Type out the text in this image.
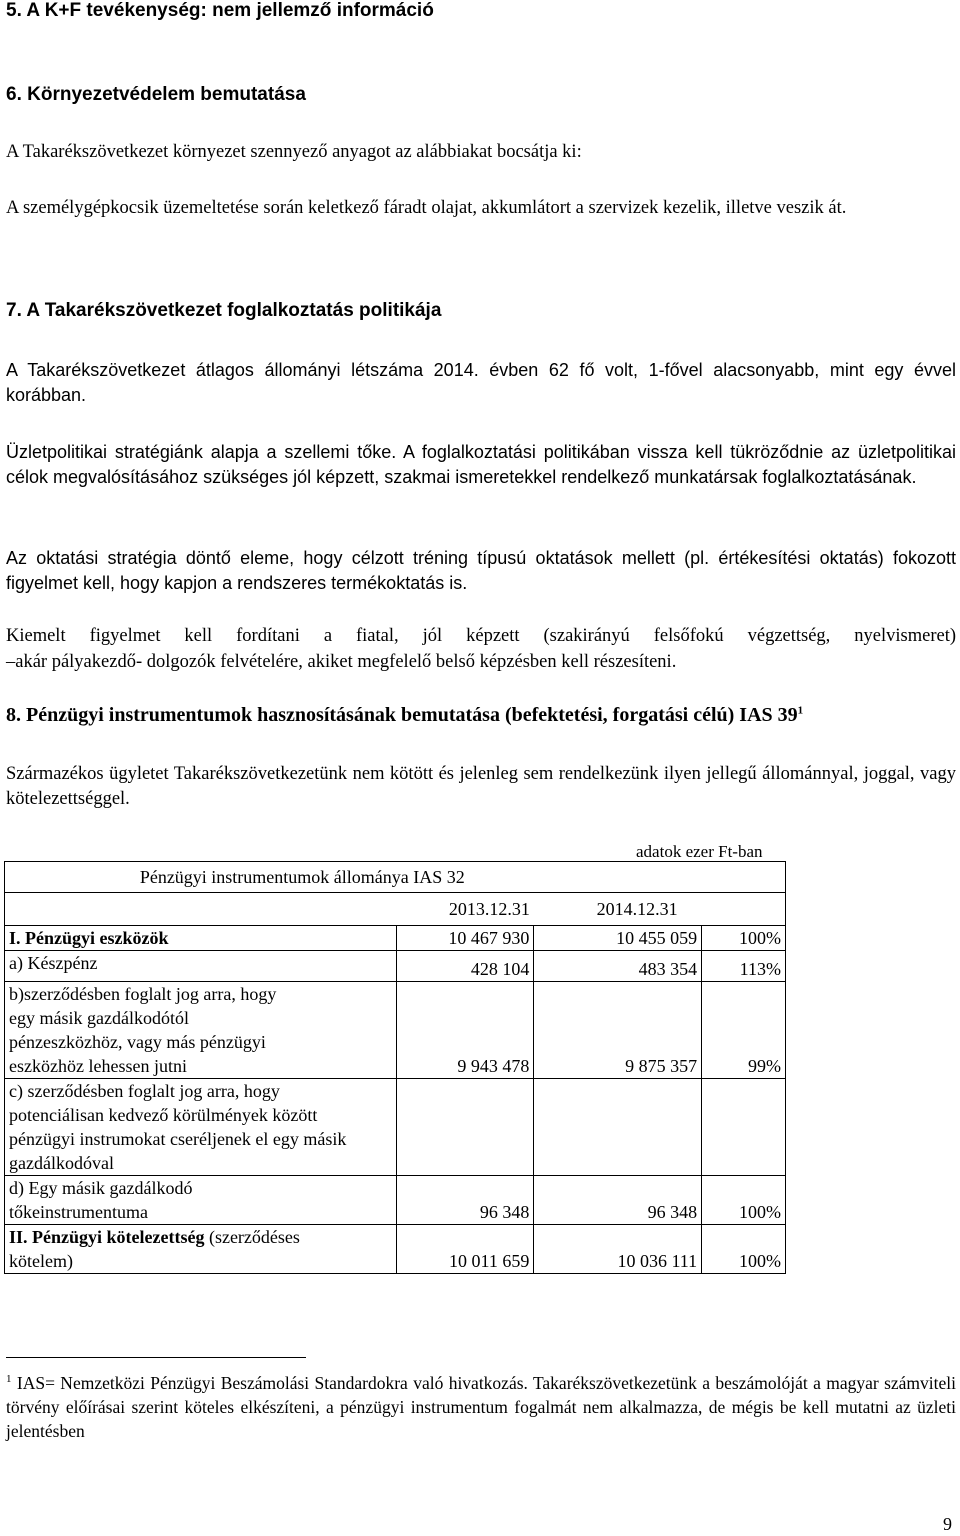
5. A K+F tevékenység: nem jellemző információ
6. Környezetvédelem bemutatása

A Takarékszövetkezet környezet szennyező anyagot az alábbiakat bocsátja ki:

A személygépkocsik üzemeltetése során keletkező fáradt olajat, akkumlátort a szervizek kezelik, illetve veszik át.

7. A Takarékszövetkezet foglalkoztatás politikája

A Takarékszövetkezet átlagos állományi létszáma 2014. évben 62 fő volt, 1-fővel alacsonyabb, mint egy évvel korábban.

Üzletpolitikai stratégiánk alapja a szellemi tőke. A foglalkoztatási politikában vissza kell tükröződnie az üzletpolitikai célok megvalósításához szükséges jól képzett, szakmai ismeretekkel rendelkező munkatársak foglalkoztatásának.

Az oktatási stratégia döntő eleme, hogy célzott tréning típusú oktatások mellett (pl. értékesítési oktatás) fokozott figyelmet kell, hogy kapjon a rendszeres termékoktatás is.

Kiemelt figyelmet kell fordítani a fiatal, jól képzett (szakirányú felsőfokú végzettség, nyelvismeret)

–akár pályakezdő- dolgozók felvételére, akiket megfelelő belső képzésben kell részesíteni.

8. Pénzügyi instrumentumok hasznosításának bemutatása (befektetési, forgatási célú) IAS $39^1$

Származékos ügyletet Takarékszövetkezetünk nem kötött és jelenleg sem rendelkezünk ilyen jellegű állománnyal, joggal, vagy kötelezettséggel.

adatok ezer Ft-ban
Pénzügyi instrumentumok állománya IAS 32			
	2013.12.31	2014.12.31	
I. Pénzügyi eszközök	10 467 930	10 455 059	100%
a) Készpénz	428 104	483 354	113%
b)szerződésben foglalt jog arra, hogy egy másik gazdálkodótól pénzeszközhöz, vagy más pénzügyi eszközhöz lehessen jutni	9 943 478	9 875 357	99%
c) szerződésben foglalt jog arra, hogy potenciálisan kedvező körülmények között pénzügyi instrumokat cseréljenek el egy másik gazdálkodóval			
d) Egy másik gazdálkodó tőkeinstrumentuma	96 348	96 348	100%
II. Pénzügyi kötelezettség (szerződéses kötelem)	10 011 659	10 036 111	100%
$^1$ IAS= Nemzetközi Pénzügyi Beszámolási Standardokra való hivatkozás. Takarékszövetkezetünk a beszámolóját a magyar számviteli törvény előírásai szerint köteles elkészíteni, a pénzügyi instrumentum fogalmát nem alkalmazza, de mégis be kell mutatni az üzleti jelentésben
9
